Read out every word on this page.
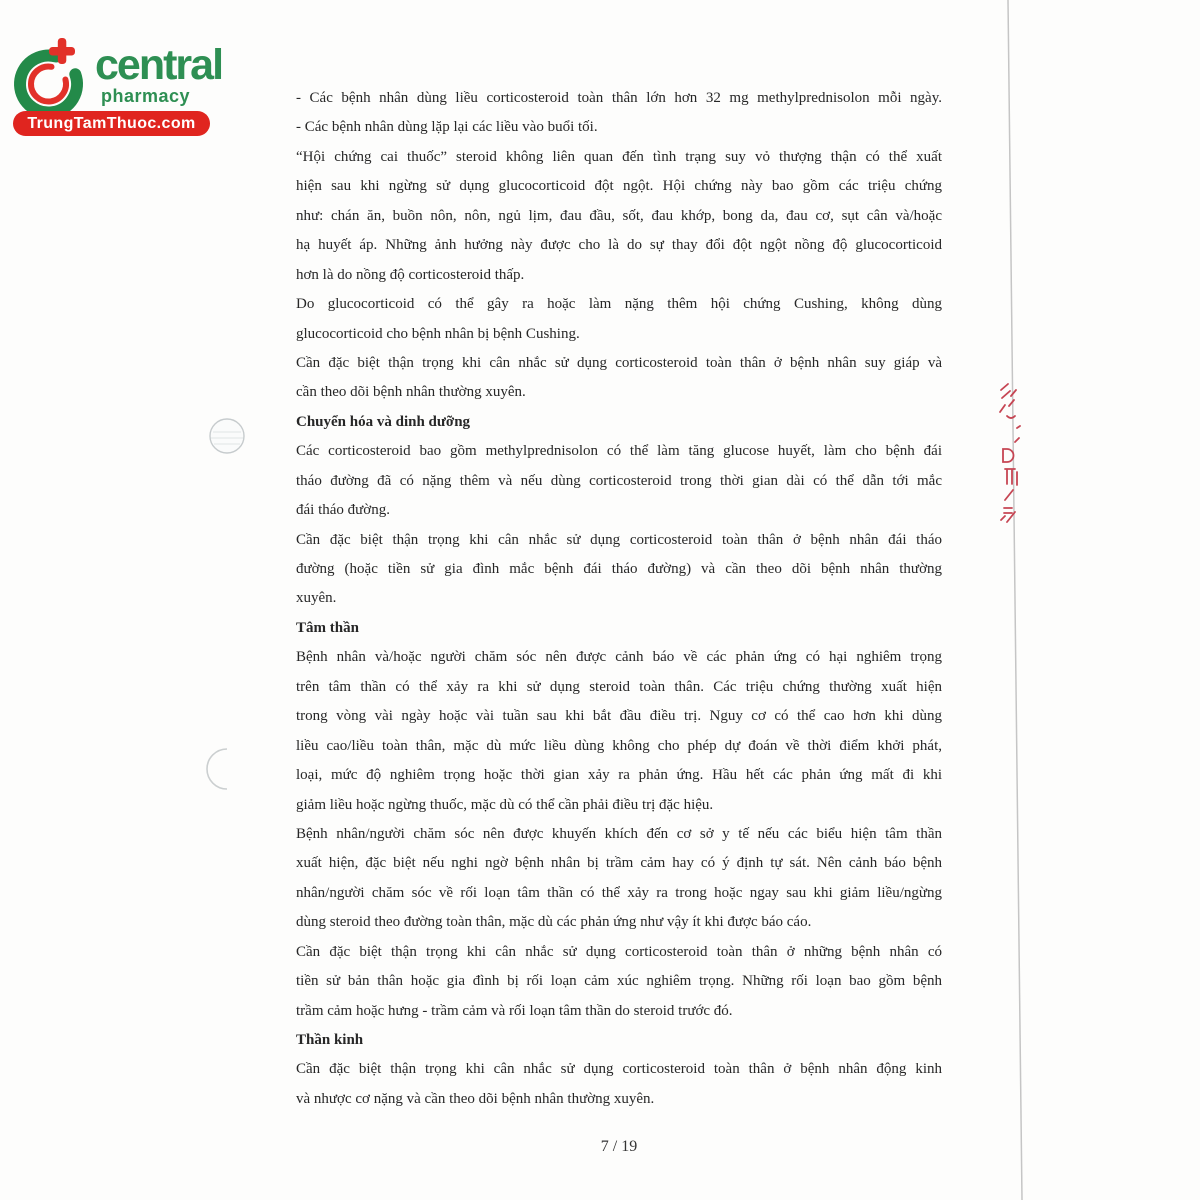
central
pharmacy
TrungTamThuoc.com
- Các bệnh nhân dùng liều corticosteroid toàn thân lớn hơn 32 mg methylprednisolon mỗi ngày.
- Các bệnh nhân dùng lặp lại các liều vào buổi tối.
“Hội chứng cai thuốc” steroid không liên quan đến tình trạng suy vỏ thượng thận có thể xuất
hiện sau khi ngừng sử dụng glucocorticoid đột ngột. Hội chứng này bao gồm các triệu chứng
như: chán ăn, buồn nôn, nôn, ngủ lịm, đau đầu, sốt, đau khớp, bong da, đau cơ, sụt cân và/hoặc
hạ huyết áp. Những ảnh hưởng này được cho là do sự thay đổi đột ngột nồng độ glucocorticoid
hơn là do nồng độ corticosteroid thấp.
Do glucocorticoid có thể gây ra hoặc làm nặng thêm hội chứng Cushing, không dùng
glucocorticoid cho bệnh nhân bị bệnh Cushing.
Cần đặc biệt thận trọng khi cân nhắc sử dụng corticosteroid toàn thân ở bệnh nhân suy giáp và
cần theo dõi bệnh nhân thường xuyên.
Chuyển hóa và dinh dưỡng
Các corticosteroid bao gồm methylprednisolon có thể làm tăng glucose huyết, làm cho bệnh đái
tháo đường đã có nặng thêm và nếu dùng corticosteroid trong thời gian dài có thể dẫn tới mắc
đái tháo đường.
Cần đặc biệt thận trọng khi cân nhắc sử dụng corticosteroid toàn thân ở bệnh nhân đái tháo
đường (hoặc tiền sử gia đình mắc bệnh đái tháo đường) và cần theo dõi bệnh nhân thường
xuyên.
Tâm thần
Bệnh nhân và/hoặc người chăm sóc nên được cảnh báo về các phản ứng có hại nghiêm trọng
trên tâm thần có thể xảy ra khi sử dụng steroid toàn thân. Các triệu chứng thường xuất hiện
trong vòng vài ngày hoặc vài tuần sau khi bắt đầu điều trị. Nguy cơ có thể cao hơn khi dùng
liều cao/liều toàn thân, mặc dù mức liều dùng không cho phép dự đoán về thời điểm khởi phát,
loại, mức độ nghiêm trọng hoặc thời gian xảy ra phản ứng. Hầu hết các phản ứng mất đi khi
giảm liều hoặc ngừng thuốc, mặc dù có thể cần phải điều trị đặc hiệu.
Bệnh nhân/người chăm sóc nên được khuyến khích đến cơ sở y tế nếu các biểu hiện tâm thần
xuất hiện, đặc biệt nếu nghi ngờ bệnh nhân bị trầm cảm hay có ý định tự sát. Nên cảnh báo bệnh
nhân/người chăm sóc về rối loạn tâm thần có thể xảy ra trong hoặc ngay sau khi giảm liều/ngừng
dùng steroid theo đường toàn thân, mặc dù các phản ứng như vậy ít khi được báo cáo.
Cần đặc biệt thận trọng khi cân nhắc sử dụng corticosteroid toàn thân ở những bệnh nhân có
tiền sử bản thân hoặc gia đình bị rối loạn cảm xúc nghiêm trọng. Những rối loạn bao gồm bệnh
trầm cảm hoặc hưng - trầm cảm và rối loạn tâm thần do steroid trước đó.
Thần kinh
Cần đặc biệt thận trọng khi cân nhắc sử dụng corticosteroid toàn thân ở bệnh nhân động kinh
và nhược cơ nặng và cần theo dõi bệnh nhân thường xuyên.
7 / 19
